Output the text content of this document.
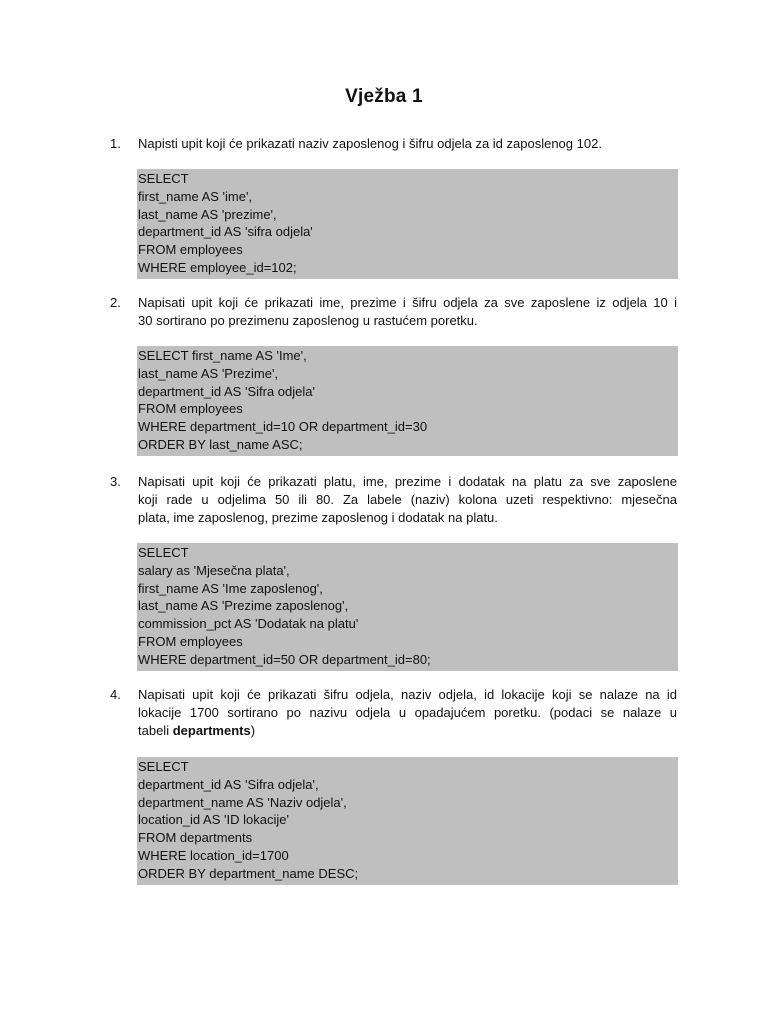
Vježba 1
1.	Napisti upit koji će prikazati naziv zaposlenog i šifru odjela za id zaposlenog 102.
SELECT
first_name AS 'ime',
last_name AS 'prezime',
department_id AS 'sifra odjela'
FROM employees
WHERE employee_id=102;
2.	Napisati upit koji će prikazati ime, prezime i šifru odjela za sve zaposlene iz odjela 10 i
30 sortirano po prezimenu zaposlenog u rastućem poretku.
SELECT first_name AS 'Ime',
last_name AS 'Prezime',
department_id AS 'Sifra odjela'
FROM employees
WHERE department_id=10 OR department_id=30
ORDER BY last_name ASC;
3.	Napisati upit koji će prikazati platu, ime, prezime i dodatak na platu za sve zaposlene
koji rade u odjelima 50 ili 80. Za labele (naziv) kolona uzeti respektivno: mjesečna
plata, ime zaposlenog, prezime zaposlenog i dodatak na platu.
SELECT
salary as 'Mjesečna plata',
first_name AS 'Ime zaposlenog',
last_name AS 'Prezime zaposlenog',
commission_pct AS 'Dodatak na platu'
FROM employees
WHERE department_id=50 OR department_id=80;
4.	Napisati upit koji će prikazati šifru odjela, naziv odjela, id lokacije koji se nalaze na id
lokacije 1700 sortirano po nazivu odjela u opadajućem poretku. (podaci se nalaze u
tabeli departments)
SELECT
department_id AS 'Sifra odjela',
department_name AS 'Naziv odjela',
location_id AS 'ID lokacije'
FROM departments
WHERE location_id=1700
ORDER BY department_name DESC;
